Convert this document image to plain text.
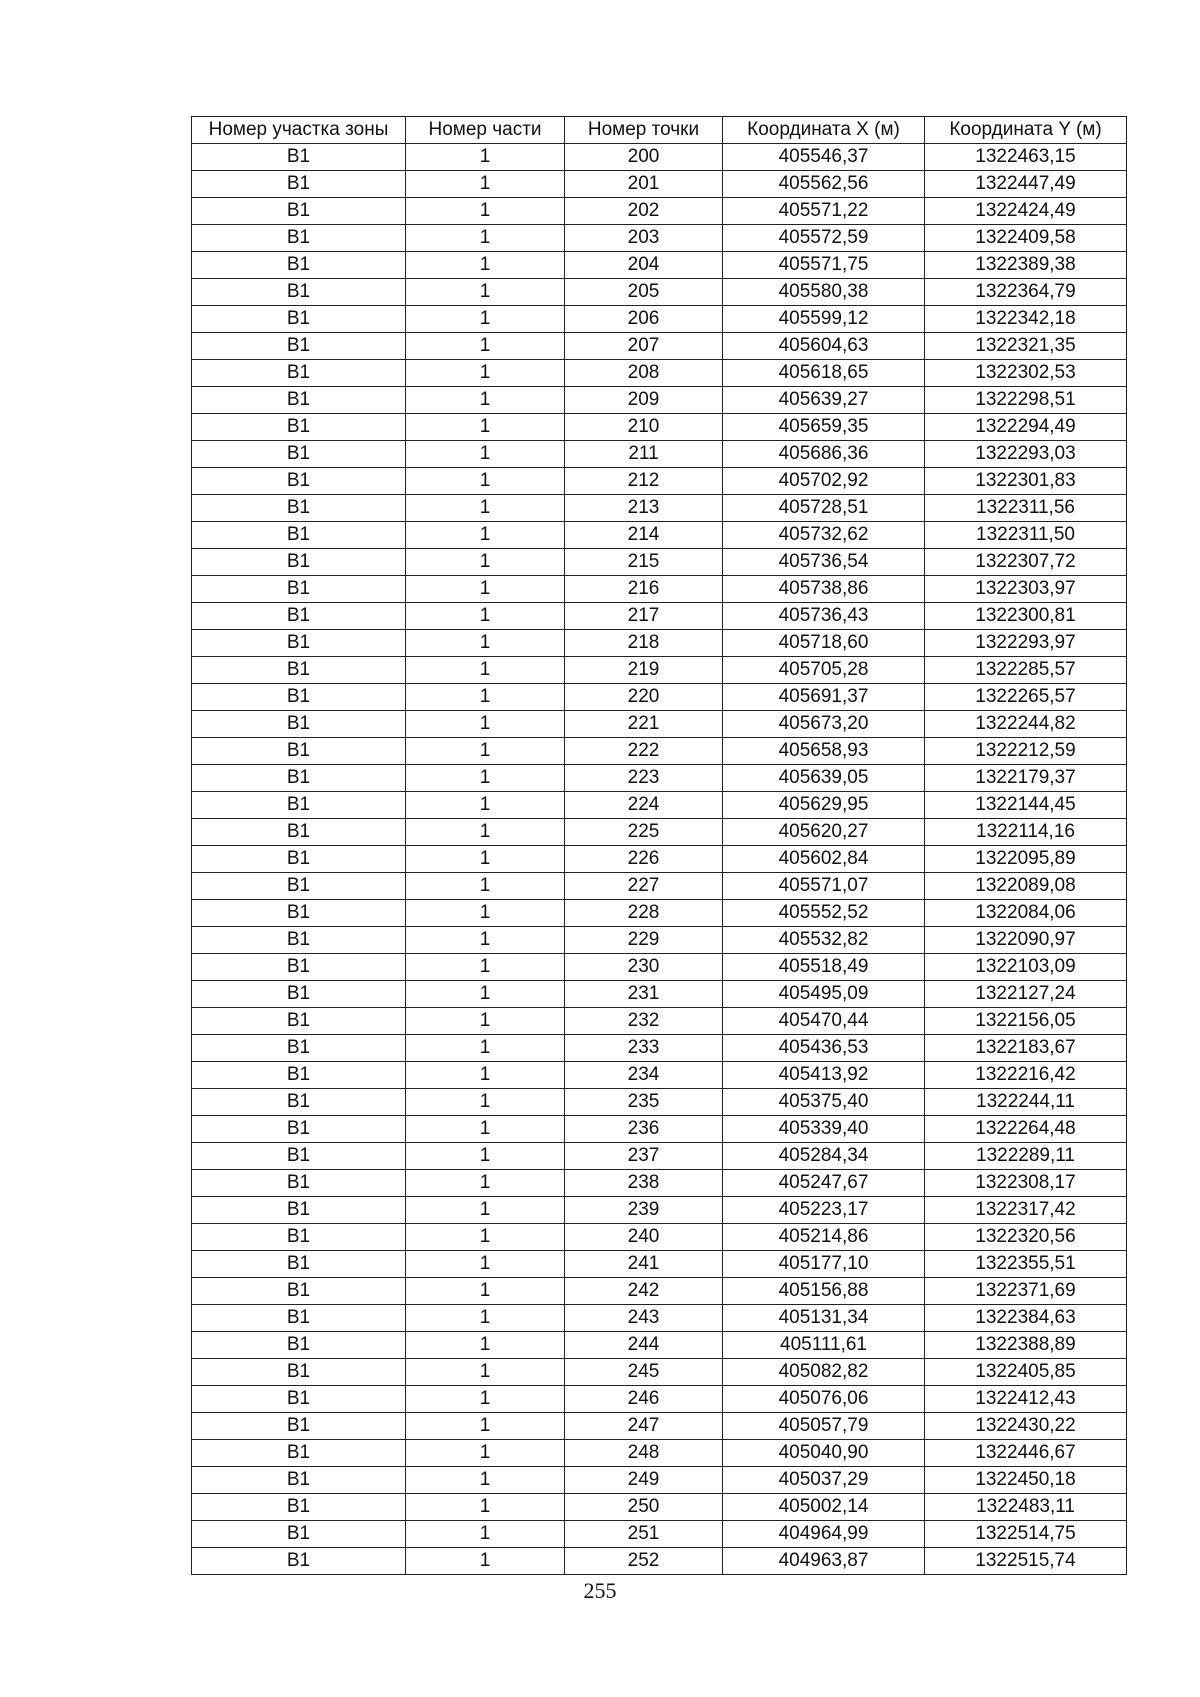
Номер участка зоны	Номер части	Номер точки	Координата X (м)	Координата Y (м)
В1	1	200	405546,37	1322463,15
В1	1	201	405562,56	1322447,49
В1	1	202	405571,22	1322424,49
В1	1	203	405572,59	1322409,58
В1	1	204	405571,75	1322389,38
В1	1	205	405580,38	1322364,79
В1	1	206	405599,12	1322342,18
В1	1	207	405604,63	1322321,35
В1	1	208	405618,65	1322302,53
В1	1	209	405639,27	1322298,51
В1	1	210	405659,35	1322294,49
В1	1	211	405686,36	1322293,03
В1	1	212	405702,92	1322301,83
В1	1	213	405728,51	1322311,56
В1	1	214	405732,62	1322311,50
В1	1	215	405736,54	1322307,72
В1	1	216	405738,86	1322303,97
В1	1	217	405736,43	1322300,81
В1	1	218	405718,60	1322293,97
В1	1	219	405705,28	1322285,57
В1	1	220	405691,37	1322265,57
В1	1	221	405673,20	1322244,82
В1	1	222	405658,93	1322212,59
В1	1	223	405639,05	1322179,37
В1	1	224	405629,95	1322144,45
В1	1	225	405620,27	1322114,16
В1	1	226	405602,84	1322095,89
В1	1	227	405571,07	1322089,08
В1	1	228	405552,52	1322084,06
В1	1	229	405532,82	1322090,97
В1	1	230	405518,49	1322103,09
В1	1	231	405495,09	1322127,24
В1	1	232	405470,44	1322156,05
В1	1	233	405436,53	1322183,67
В1	1	234	405413,92	1322216,42
В1	1	235	405375,40	1322244,11
В1	1	236	405339,40	1322264,48
В1	1	237	405284,34	1322289,11
В1	1	238	405247,67	1322308,17
В1	1	239	405223,17	1322317,42
В1	1	240	405214,86	1322320,56
В1	1	241	405177,10	1322355,51
В1	1	242	405156,88	1322371,69
В1	1	243	405131,34	1322384,63
В1	1	244	405111,61	1322388,89
В1	1	245	405082,82	1322405,85
В1	1	246	405076,06	1322412,43
В1	1	247	405057,79	1322430,22
В1	1	248	405040,90	1322446,67
В1	1	249	405037,29	1322450,18
В1	1	250	405002,14	1322483,11
В1	1	251	404964,99	1322514,75
В1	1	252	404963,87	1322515,74
255
